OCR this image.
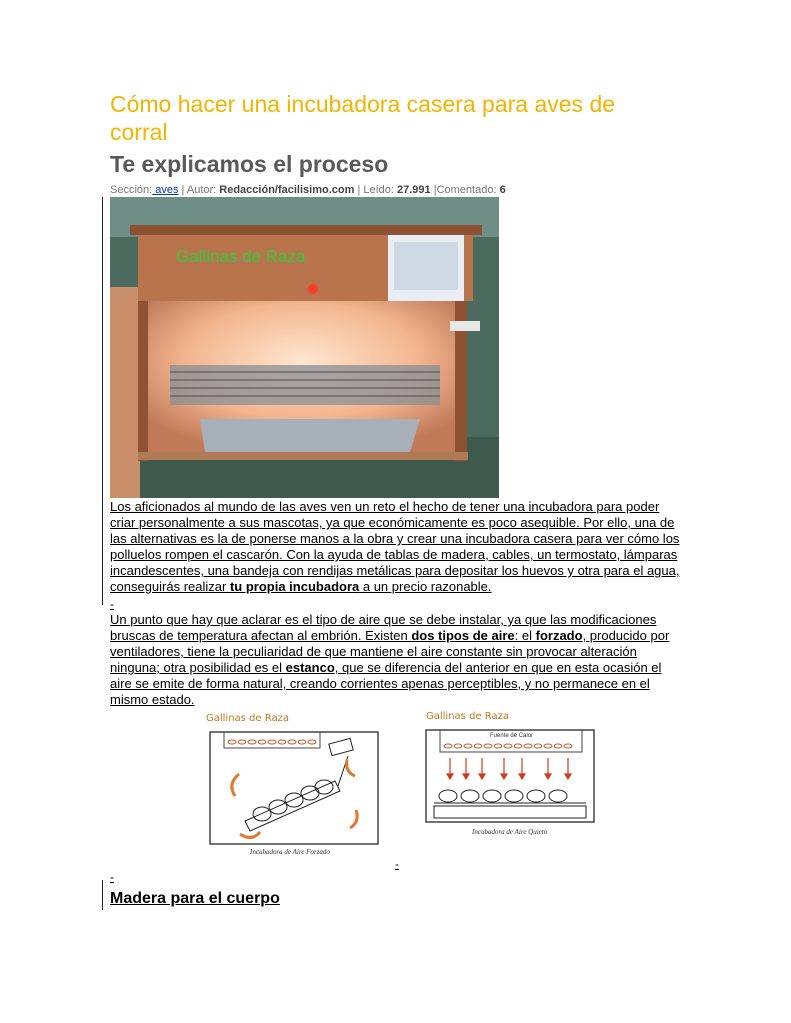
Cómo hacer una incubadora casera para aves de corral
Te explicamos el proceso
Sección: aves | Autor: Redacción/facilisimo.com | Leído: 27.991 |Comentado: 6
Gallinas de Raza

Los aficionados al mundo de las aves ven un reto el hecho de tener una incubadora para poder criar personalmente a sus mascotas, ya que económicamente es poco asequible. Por ello, una de las alternativas es la de ponerse manos a la obra y crear una incubadora casera para ver cómo los polluelos rompen el cascarón. Con la ayuda de tablas de madera, cables, un termostato, lámparas incandescentes, una bandeja con rendijas metálicas para depositar los huevos y otra para el agua, conseguirás realizar tu propia incubadora a un precio razonable.

-

Un punto que hay que aclarar es el tipo de aire que se debe instalar, ya que las modificaciones bruscas de temperatura afectan al embrión. Existen dos tipos de aire: el forzado, producido por ventiladores, tiene la peculiaridad de que mantiene el aire constante sin provocar alteración ninguna; otra posibilidad es el estanco, que se diferencia del anterior en que en esta ocasión el aire se emite de forma natural, creando corrientes apenas perceptibles, y no permanece en el mismo estado.

Gallinas de Raza
Incubadora de Aire Forzado
Gallinas de Raza
Fuente de Calor
Incubadora de Aire Quieto
-
-
Madera para el cuerpo
